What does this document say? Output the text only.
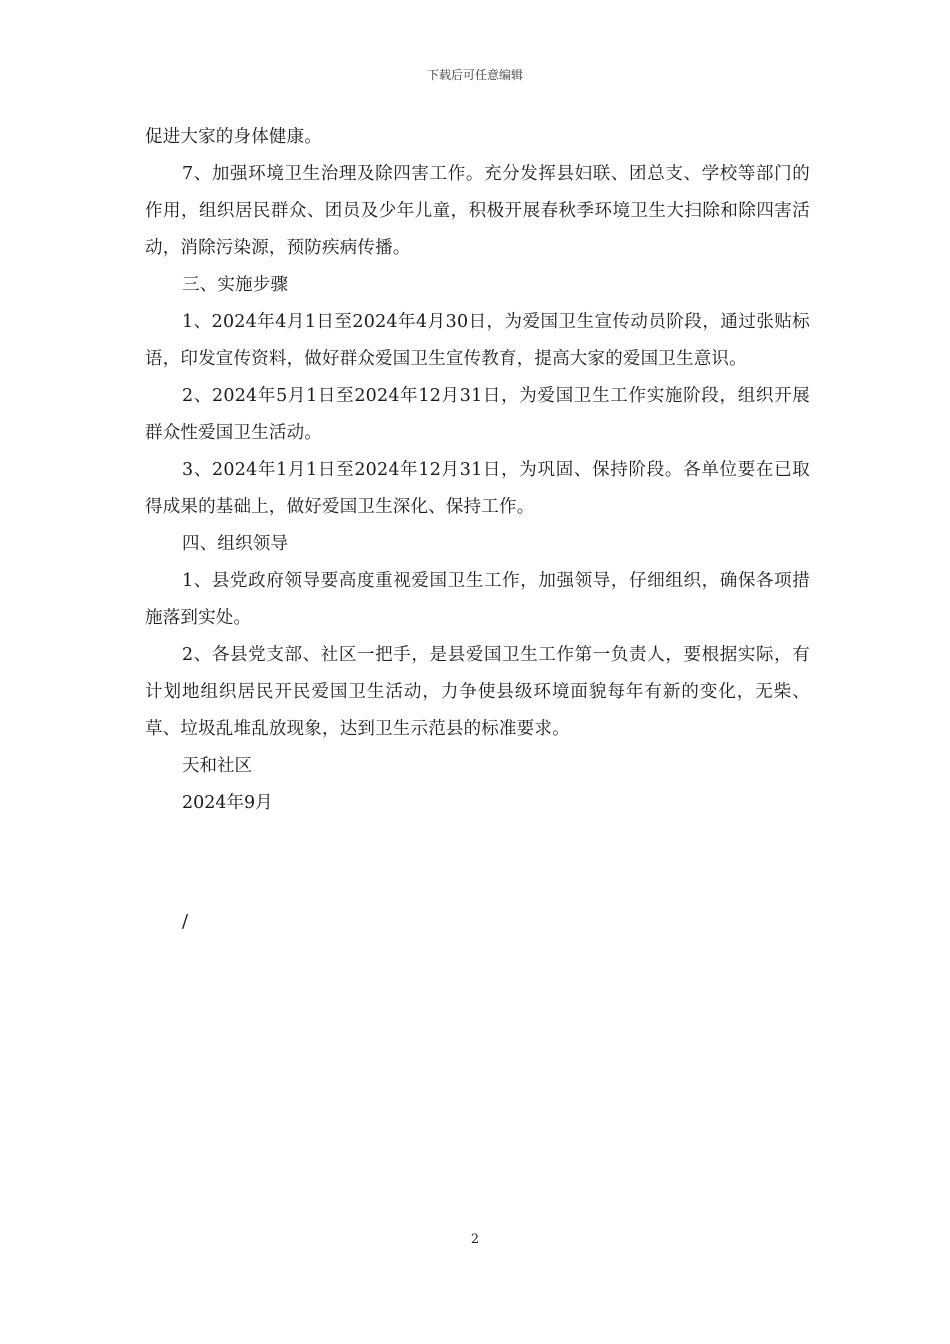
下载后可任意编辑

促进大家的身体健康。

7、加强环境卫生治理及除四害工作。充分发挥县妇联、团总支、学校等部门的作用，组织居民群众、团员及少年儿童，积极开展春秋季环境卫生大扫除和除四害活动，消除污染源，预防疾病传播。

三、实施步骤

1、2024年4月1日至2024年4月30日，为爱国卫生宣传动员阶段，通过张贴标语，印发宣传资料，做好群众爱国卫生宣传教育，提高大家的爱国卫生意识。

2、2024年5月1日至2024年12月31日，为爱国卫生工作实施阶段，组织开展群众性爱国卫生活动。

3、2024年1月1日至2024年12月31日，为巩固、保持阶段。各单位要在已取得成果的基础上，做好爱国卫生深化、保持工作。

四、组织领导

1、县党政府领导要高度重视爱国卫生工作，加强领导，仔细组织，确保各项措施落到实处。

2、各县党支部、社区一把手，是县爱国卫生工作第一负责人，要根据实际，有计划地组织居民开民爱国卫生活动，力争使县级环境面貌每年有新的变化，无柴、草、垃圾乱堆乱放现象，达到卫生示范县的标准要求。

天和社区

2024年9月

/
2
